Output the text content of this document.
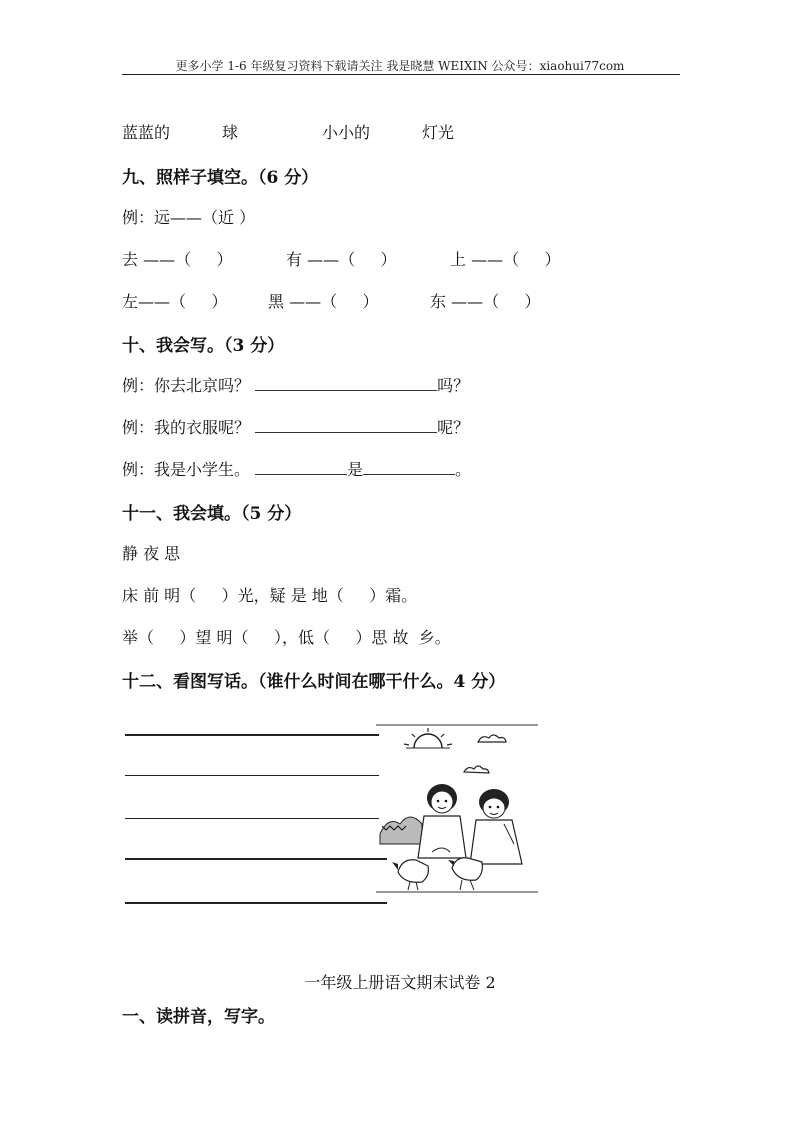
更多小学 1-6 年级复习资料下载请关注 我是晓慧 WEIXIN 公众号：xiaohui77com
蓝蓝的	球	小小的	灯光
九、照样子填空。（6 分）
例：远——（近 ）
去 ——（     ）	有 ——（     ）	上 ——（     ）
左——（     ）	黑 ——（     ）	东 ——（     ）
十、我会写。（3 分）
例：你去北京吗？	吗？
例：我的衣服呢？	呢？
例：我是小学生。	是	。
十一、我会填。（5 分）
静 夜 思
床 前 明（     ）光，疑 是 地（     ）霜。
举（     ）望 明（     ），低（     ）思 故  乡。
十二、看图写话。（谁什么时间在哪干什么。4 分）
一年级上册语文期末试卷 2
一、读拼音，写字。
